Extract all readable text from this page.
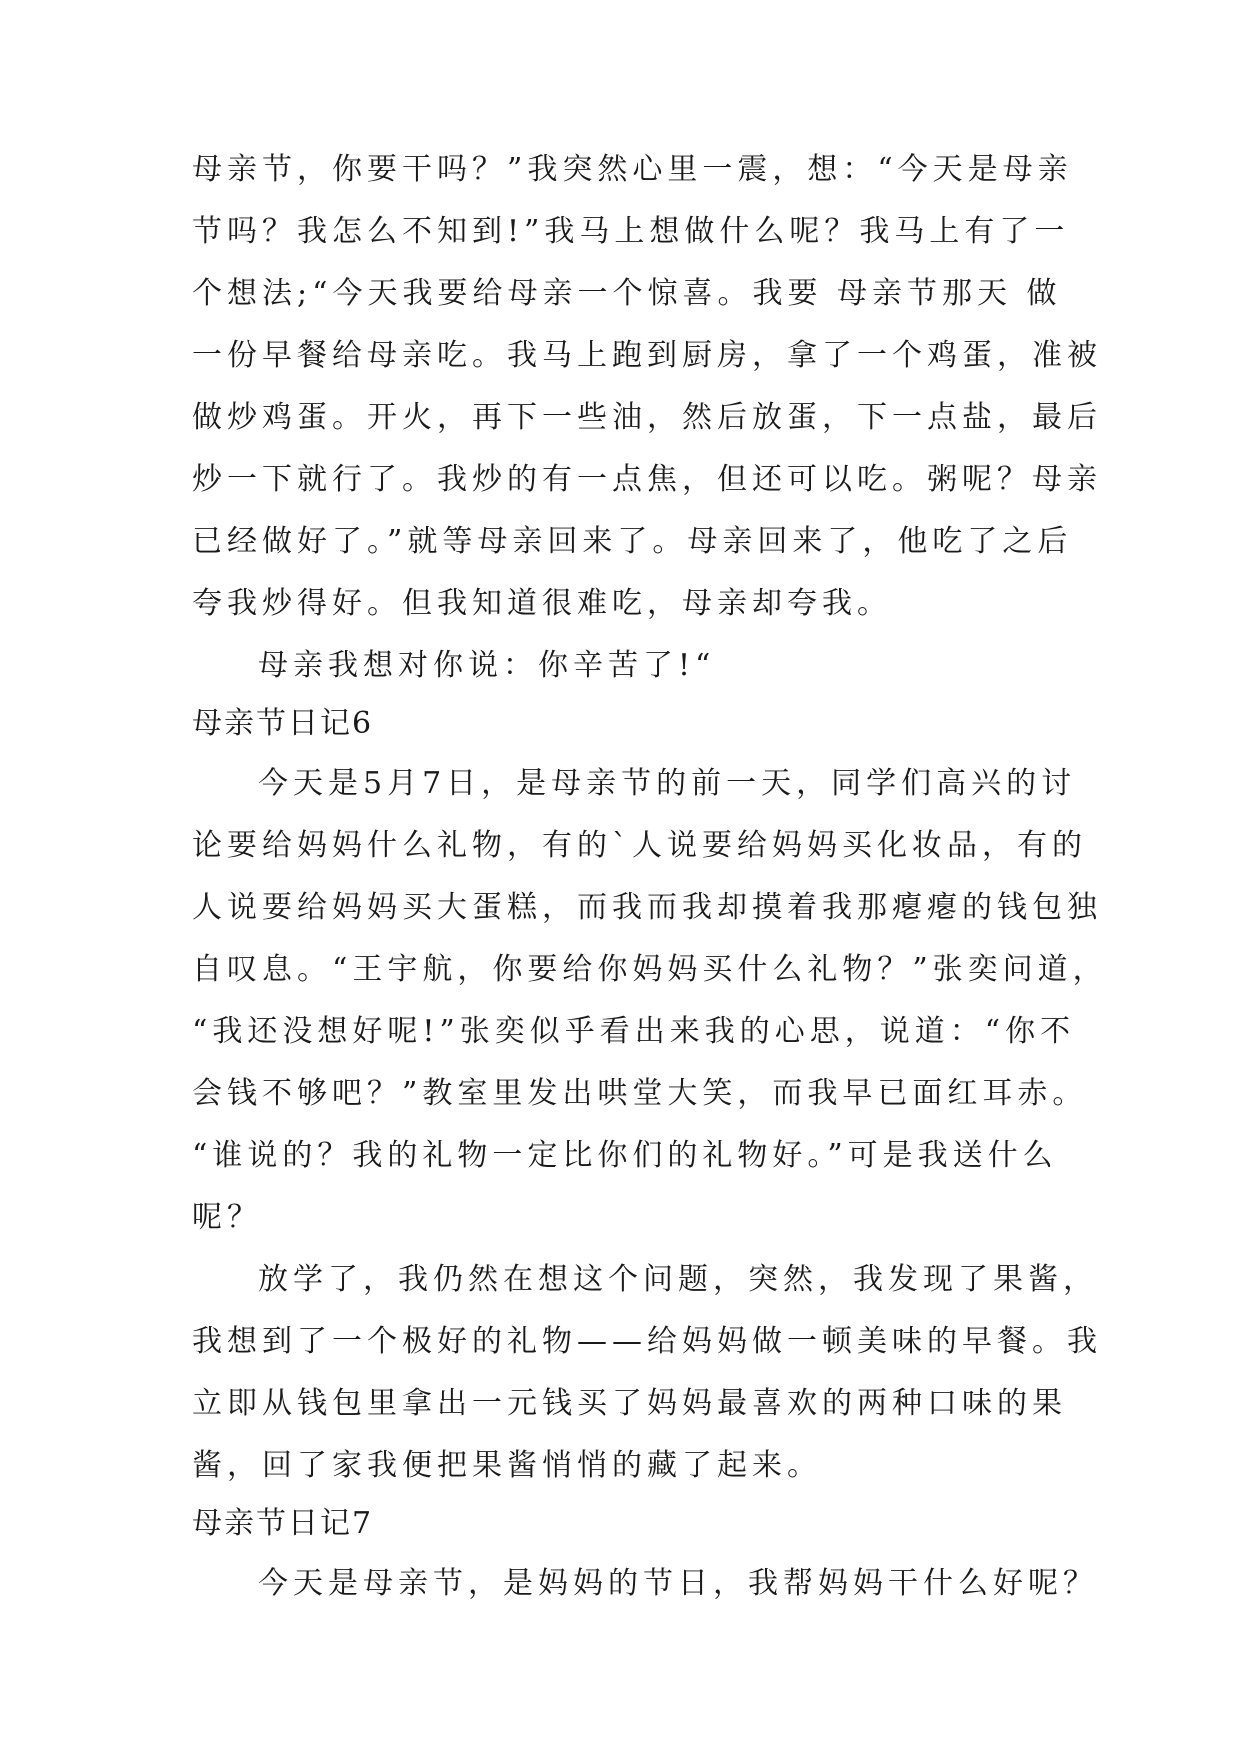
母亲节，你要干吗？”我突然心里一震，想：“今天是母亲
节吗？我怎么不知到!”我马上想做什么呢？我马上有了一
个想法;“今天我要给母亲一个惊喜。我要 母亲节那天 做
一份早餐给母亲吃。我马上跑到厨房，拿了一个鸡蛋，准被
做炒鸡蛋。开火，再下一些油，然后放蛋，下一点盐，最后
炒一下就行了。我炒的有一点焦，但还可以吃。粥呢？母亲
已经做好了。”就等母亲回来了。母亲回来了，他吃了之后
夸我炒得好。但我知道很难吃，母亲却夸我。
母亲我想对你说：你辛苦了!“
母亲节日记6
今天是5月7日，是母亲节的前一天，同学们高兴的讨
论要给妈妈什么礼物，有的`人说要给妈妈买化妆品，有的
人说要给妈妈买大蛋糕，而我而我却摸着我那瘪瘪的钱包独
自叹息。“王宇航，你要给你妈妈买什么礼物？”张奕问道，
“我还没想好呢!”张奕似乎看出来我的心思，说道：“你不
会钱不够吧？”教室里发出哄堂大笑，而我早已面红耳赤。
“谁说的？我的礼物一定比你们的礼物好。”可是我送什么
呢？
放学了，我仍然在想这个问题，突然，我发现了果酱，
我想到了一个极好的礼物——给妈妈做一顿美味的早餐。我
立即从钱包里拿出一元钱买了妈妈最喜欢的两种口味的果
酱，回了家我便把果酱悄悄的藏了起来。
母亲节日记7
今天是母亲节，是妈妈的节日，我帮妈妈干什么好呢？
